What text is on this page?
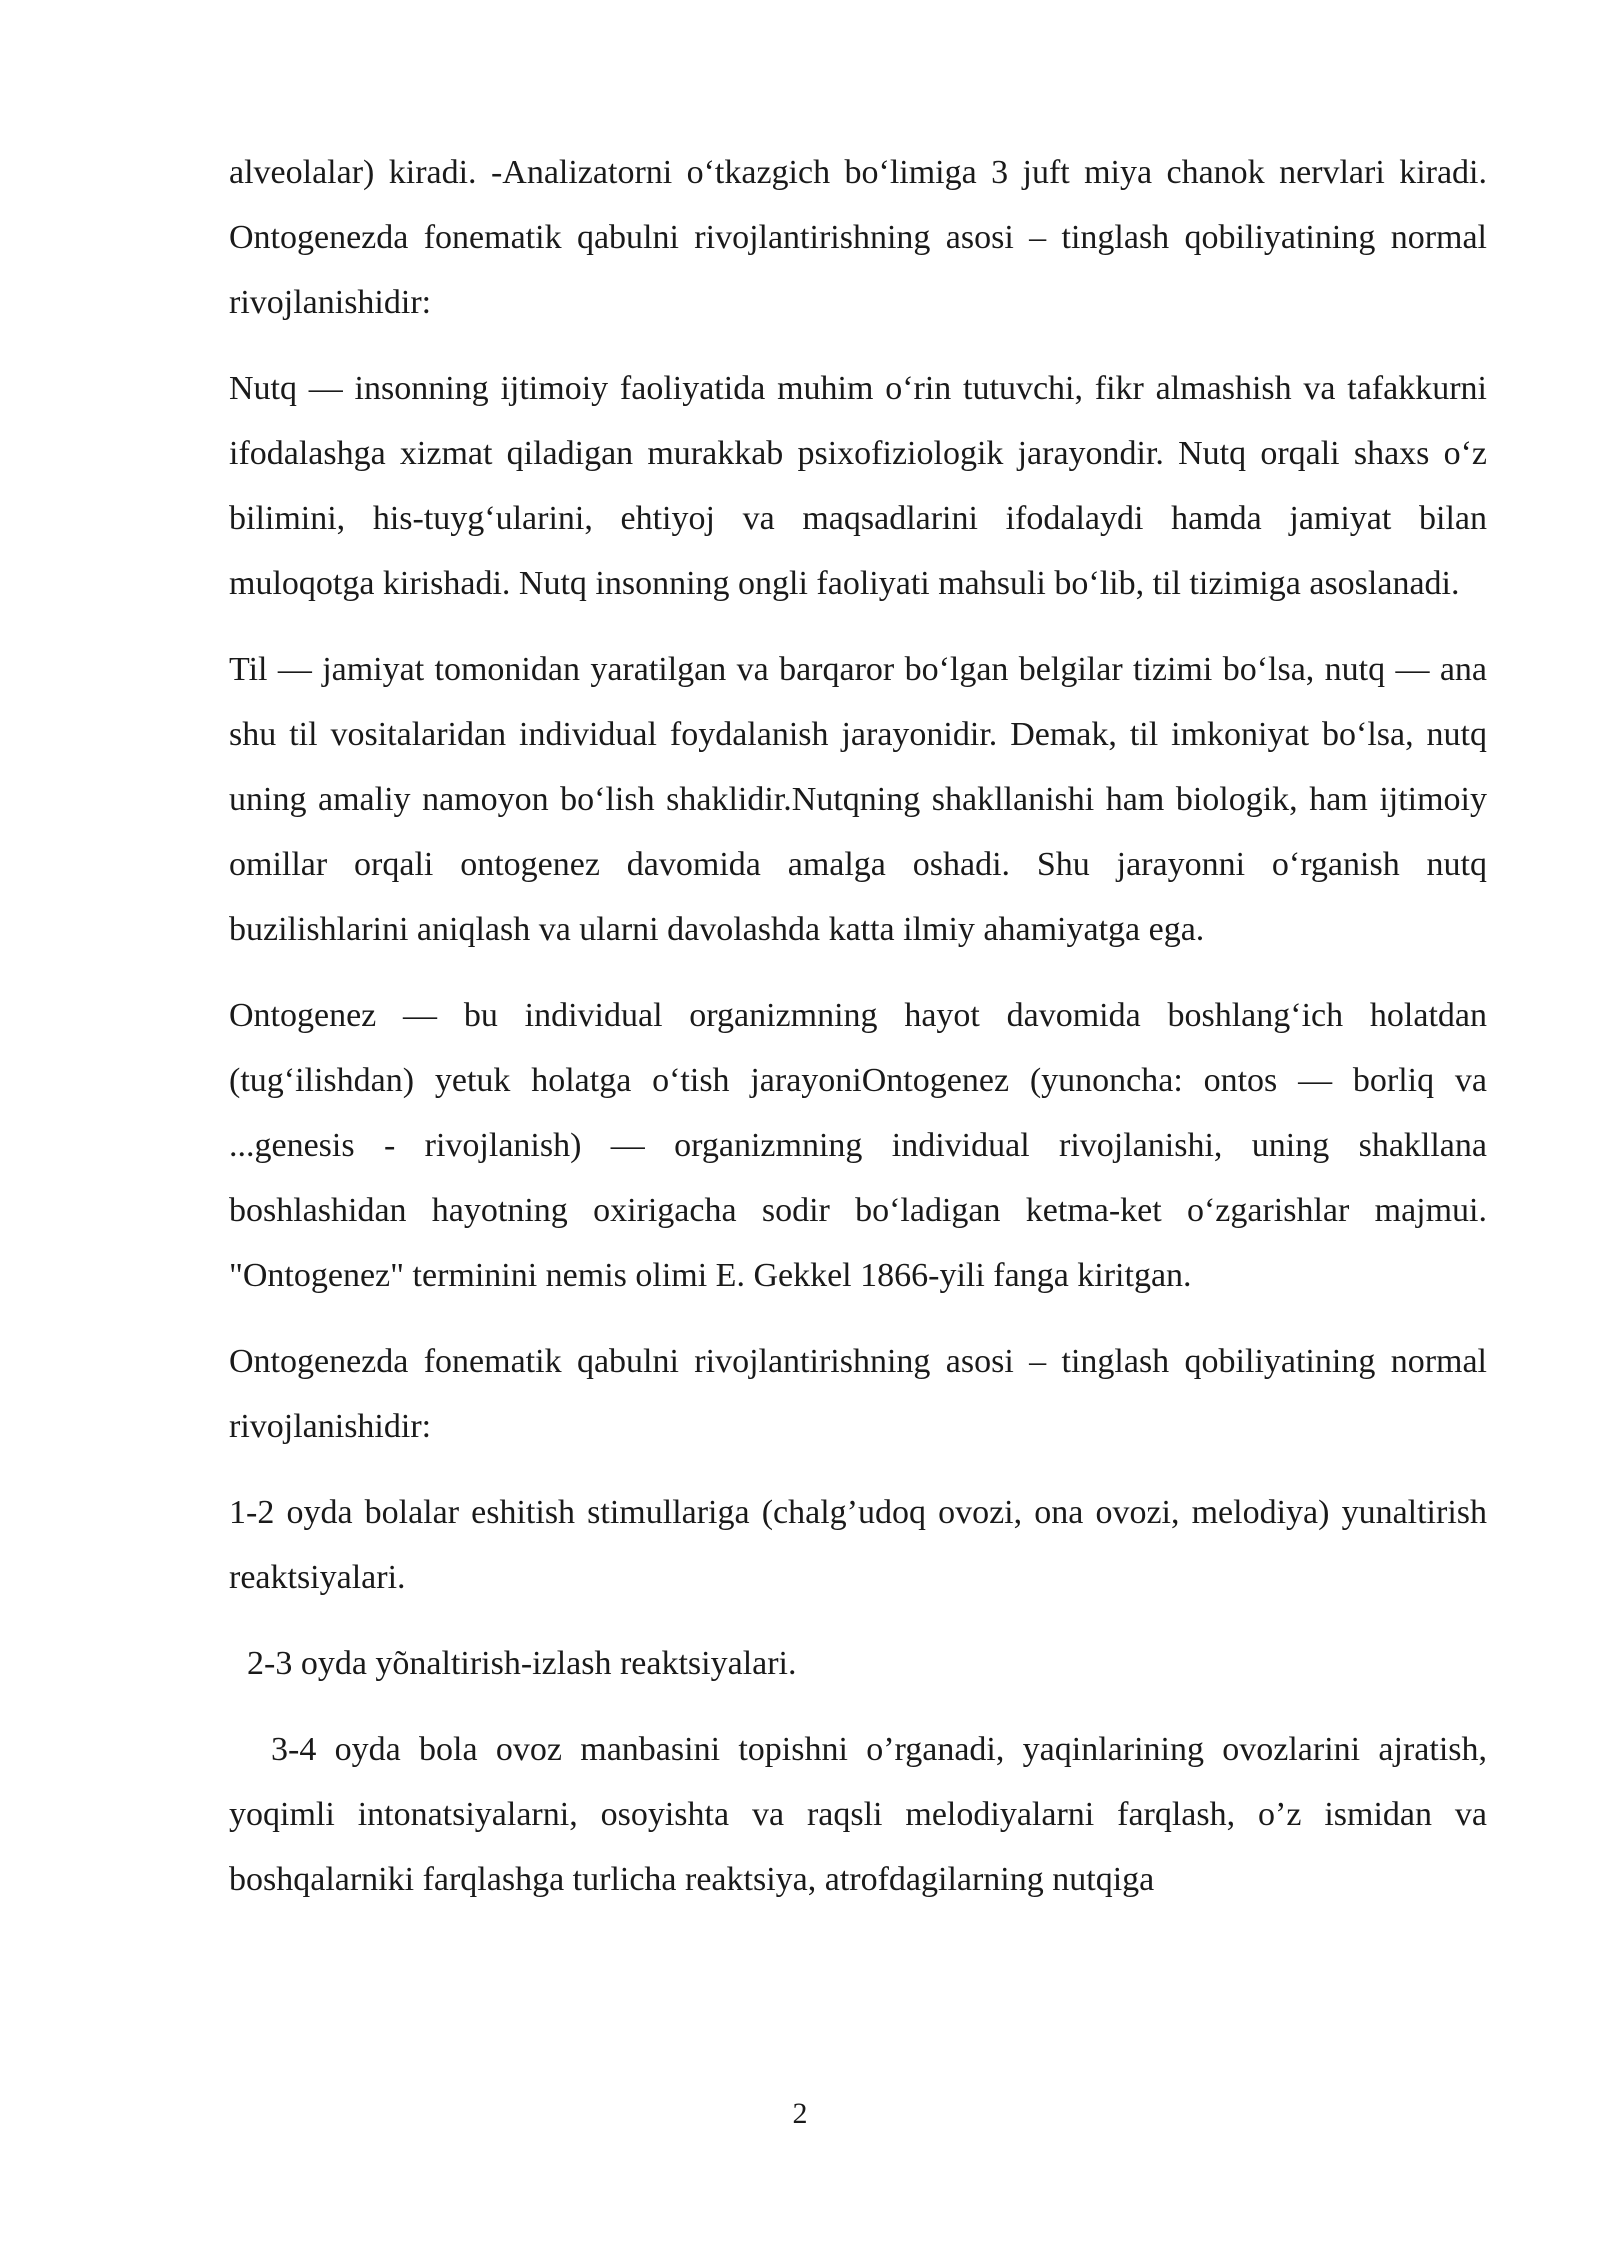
alveolalar) kiradi. -Analizatorni o‘tkazgich bo‘limiga 3 juft miya chanok nervlari kiradi. Ontogenezda fonematik qabulni rivojlantirishning asosi – tinglash qobiliyatining normal rivojlanishidir:

Nutq — insonning ijtimoiy faoliyatida muhim o‘rin tutuvchi, fikr almashish va tafakkurni ifodalashga xizmat qiladigan murakkab psixofiziologik jarayondir. Nutq orqali shaxs o‘z bilimini, his-tuyg‘ularini, ehtiyoj va maqsadlarini ifodalaydi hamda jamiyat bilan muloqotga kirishadi. Nutq insonning ongli faoliyati mahsuli bo‘lib, til tizimiga asoslanadi.

Til — jamiyat tomonidan yaratilgan va barqaror bo‘lgan belgilar tizimi bo‘lsa, nutq — ana shu til vositalaridan individual foydalanish jarayonidir. Demak, til imkoniyat bo‘lsa, nutq uning amaliy namoyon bo‘lish shaklidir.Nutqning shakllanishi ham biologik, ham ijtimoiy omillar orqali ontogenez davomida amalga oshadi. Shu jarayonni o‘rganish nutq buzilishlarini aniqlash va ularni davolashda katta ilmiy ahamiyatga ega.

Ontogenez — bu individual organizmning hayot davomida boshlang‘ich holatdan (tug‘ilishdan) yetuk holatga o‘tish jarayoniOntogenez (yunoncha: ontos — borliq va ...genesis - rivojlanish) — organizmning individual rivojlanishi, uning shakllana boshlashidan hayotning oxirigacha sodir bo‘ladigan ketma-ket o‘zgarishlar majmui. "Ontogenez" terminini nemis olimi E. Gekkel 1866-yili fanga kiritgan.

Ontogenezda fonematik qabulni rivojlantirishning asosi – tinglash qobiliyatining normal rivojlanishidir:

1-2 oyda bolalar eshitish stimullariga (chalg’udoq ovozi, ona ovozi, melodiya) yunaltirish reaktsiyalari.

2-3 oyda yõnaltirish-izlash reaktsiyalari.

3-4 oyda bola ovoz manbasini topishni o’rganadi, yaqinlarining ovozlarini ajratish, yoqimli intonatsiyalarni, osoyishta va raqsli melodiyalarni farqlash, o’z ismidan va boshqalarniki farqlashga turlicha reaktsiya, atrofdagilarning nutqiga

2
